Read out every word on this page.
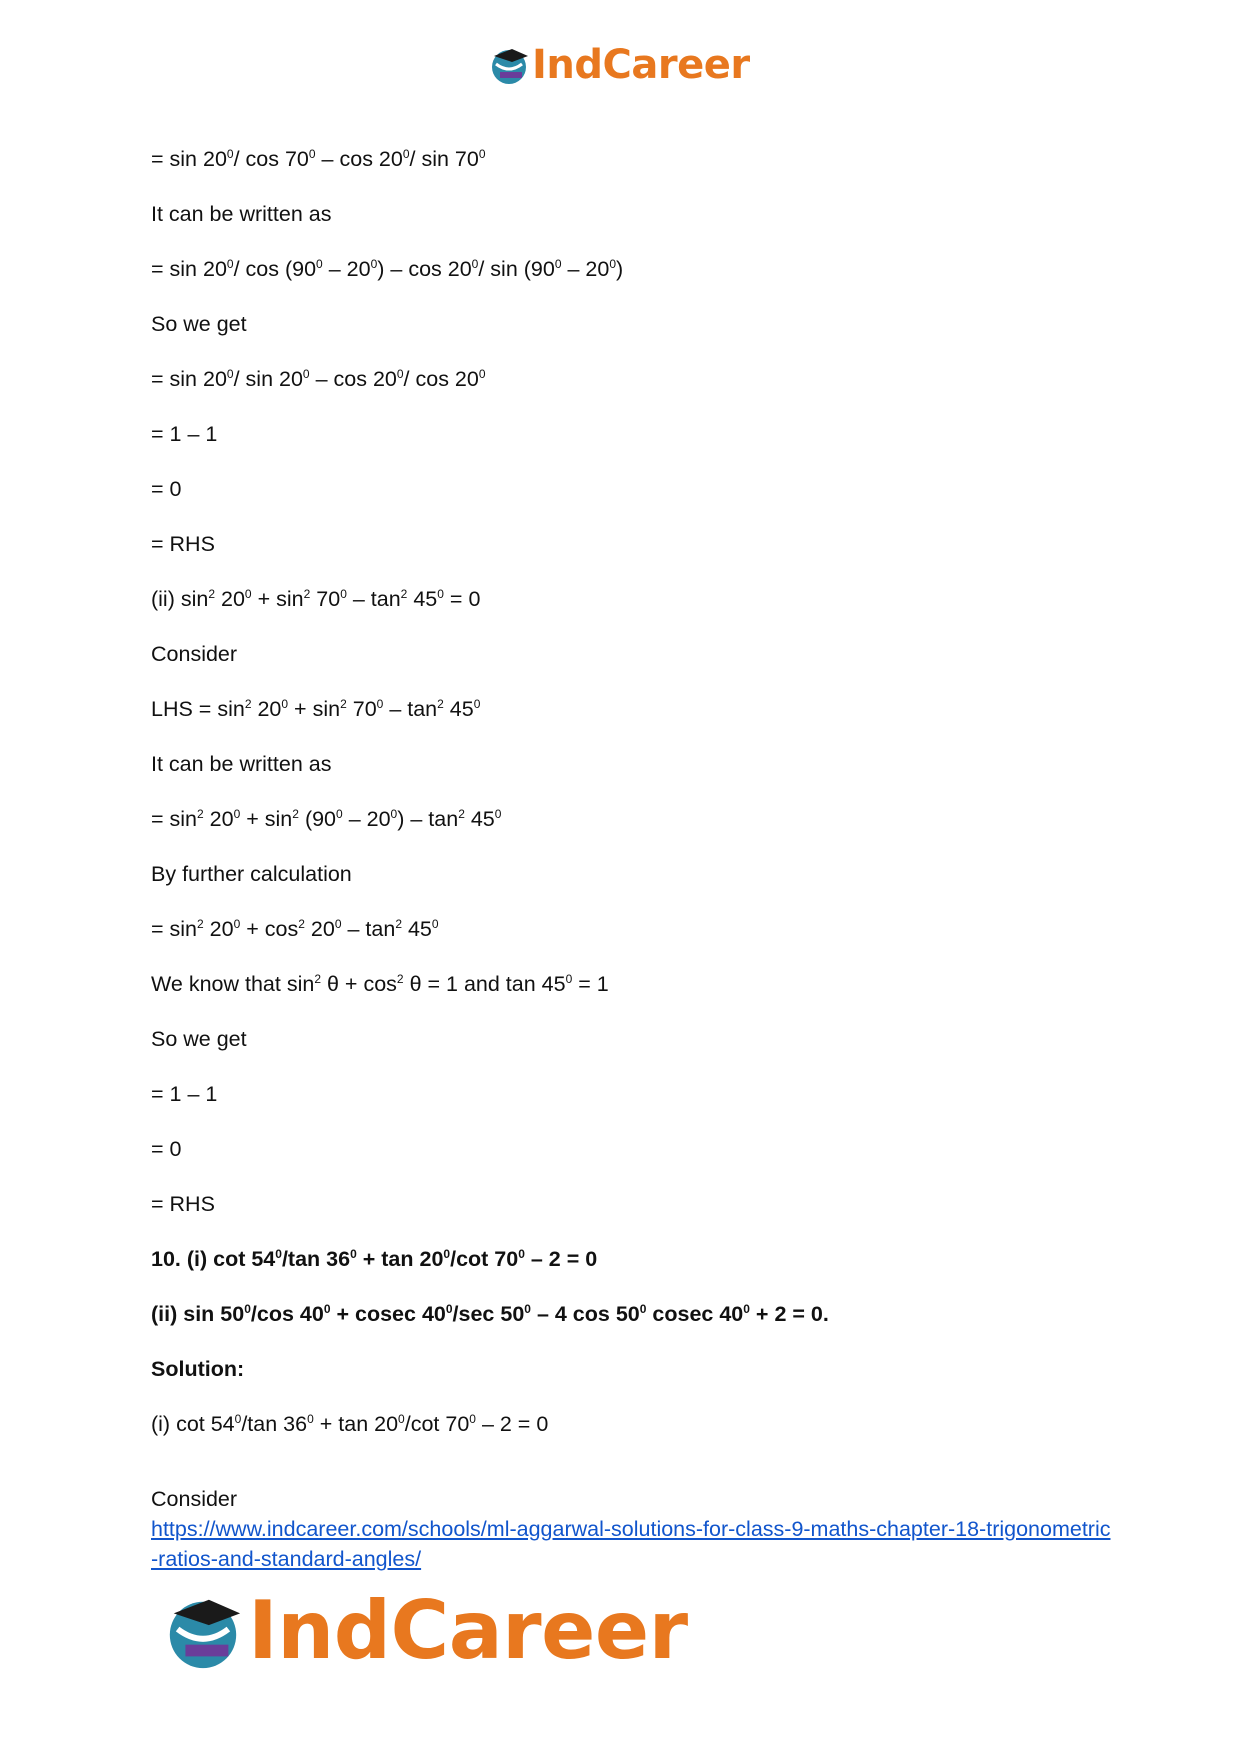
IndCareer
= $\sin 20^0/$ $\cos 70^0$ – $\cos 20^0/$ $\sin 70^0$
It can be written as
= $\sin 20^0/$ $\cos (90^0 - 20^0)$ – $\cos 20^0/$ $\sin (90^0 - 20^0)$
So we get
= $\sin 20^0/$ $\sin 20^0$ – $\cos 20^0/$ $\cos 20^0$
= 1 – 1
= 0
= RHS
(ii) $\sin^2 20^0 + \sin^2 70^0 - \tan^2 45^0 = 0$
Consider
LHS = $\sin^2 20^0 + \sin^2 70^0 - \tan^2 45^0$
It can be written as
= $\sin^2 20^0 + \sin^2 (90^0 - 20^0) - \tan^2 45^0$
By further calculation
= $\sin^2 20^0 + \cos^2 20^0 - \tan^2 45^0$
We know that $\sin^2 \theta + \cos^2 \theta = 1$ and $\tan 45^0 = 1$
So we get
= 1 – 1
= 0
= RHS
10. (i) $\cot 54^0/\tan$ $36^0 + \tan 20^0/\cot$ $70^0 - 2 = 0$
(ii) $\sin 50^0/\cos$ $40^0 + cosec$ $40^0/\sec$ $50^0 - 4$ $\cos 50^0$ cosec $40^0 + 2 = 0$.
Solution:
(i) $\cot 54^0/\tan$ $36^0 + \tan 20^0/\cot$ $70^0 - 2 = 0$
Consider
https://www.indcareer.com/schools/ml-aggarwal-solutions-for-class-9-maths-chapter-18-trigonometric-ratios-and-standard-angles/
IndCareer
